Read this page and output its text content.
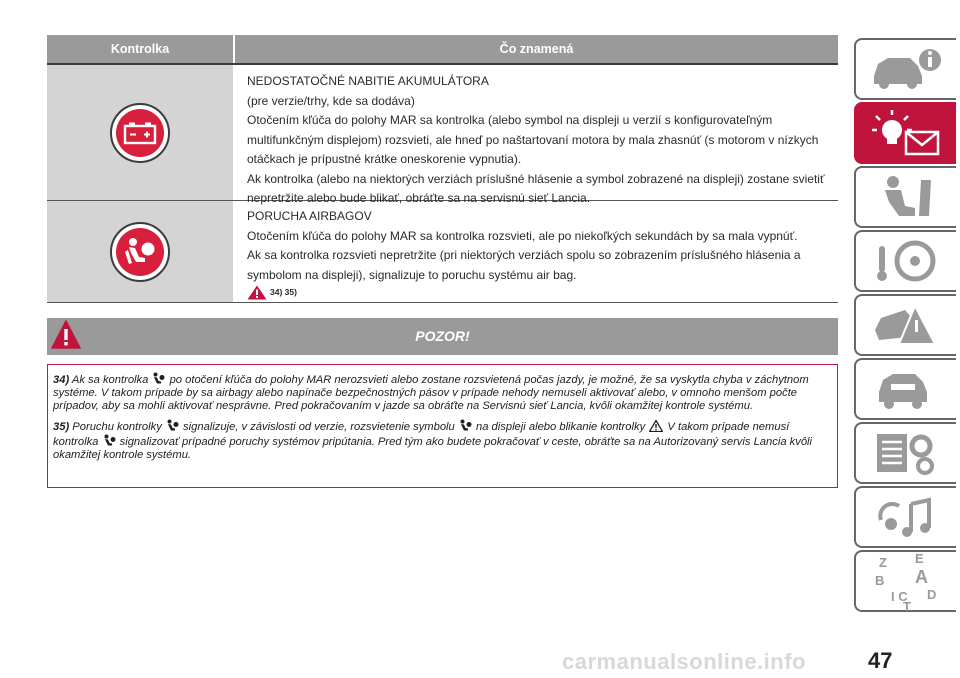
Kontrolka	Čo znamená
NEDOSTATOČNÉ NABITIE AKUMULÁTORA
(pre verzie/trhy, kde sa dodáva)
Otočením kľúča do polohy MAR sa kontrolka (alebo symbol na displeji u verzií s konfigurovateľným multifunkčným displejom) rozsvieti, ale hneď po naštartovaní motora by mala zhasnúť (s motorom v nízkych otáčkach je prípustné krátke oneskorenie vypnutia).
Ak kontrolka (alebo na niektorých verziách príslušné hlásenie a symbol zobrazené na displeji) zostane svietiť nepretržite alebo bude blikať, obráťte sa na servisnú sieť Lancia.
PORUCHA AIRBAGOV
Otočením kľúča do polohy MAR sa kontrolka rozsvieti, ale po niekoľkých sekundách by sa mala vypnúť.
Ak sa kontrolka rozsvieti nepretržite (pri niektorých verziách spolu so zobrazením príslušného hlásenia a symbolom na displeji), signalizuje to poruchu systému air bag.
34) 35)
POZOR!

34) Ak sa kontrolka po otočení kľúča do polohy MAR nerozsvieti alebo zostane rozsvietená počas jazdy, je možné, že sa vyskytla chyba v záchytnom systéme. V takom prípade by sa airbagy alebo napínače bezpečnostných pásov v prípade nehody nemuseli aktivovať alebo, v omnoho menšom počte prípadov, aby sa mohli aktivovať nesprávne. Pred pokračovaním v jazde sa obráťte na Servisnú sieť Lancia, kvôli okamžitej kontrole systému.

35) Poruchu kontrolky signalizuje, v závislosti od verzie, rozsvietenie symbolu na displeji alebo blikanie kontrolky V takom prípade nemusí kontrolka signalizovať prípadné poruchy systémov pripútania. Pred tým ako budete pokračovať v ceste, obráťte sa na Autorizovaný servis Lancia kvôli okamžitej kontrole systému.

Z E
B A
I C D
T
carmanualsonline.info	47
